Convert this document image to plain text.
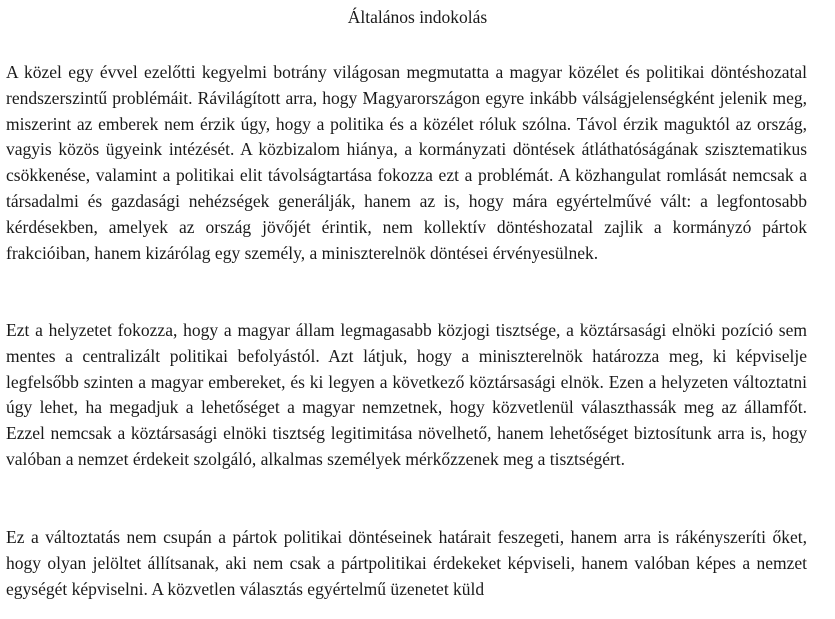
Általános indokolás

A közel egy évvel ezelőtti kegyelmi botrány világosan megmutatta a magyar közélet és politikai döntéshozatal rendszerszintű problémáit. Rávilágított arra, hogy Magyarországon egyre inkább válságjelenségként jelenik meg, miszerint az emberek nem érzik úgy, hogy a politika és a közélet róluk szólna. Távol érzik maguktól az ország, vagyis közös ügyeink intézését. A közbizalom hiánya, a kormányzati döntések átláthatóságának szisztematikus csökkenése, valamint a politikai elit távolságtartása fokozza ezt a problémát. A közhangulat romlását nemcsak a társadalmi és gazdasági nehézségek generálják, hanem az is, hogy mára egyértelművé vált: a legfontosabb kérdésekben, amelyek az ország jövőjét érintik, nem kollektív döntéshozatal zajlik a kormányzó pártok frakcióiban, hanem kizárólag egy személy, a miniszterelnök döntései érvényesülnek.

Ezt a helyzetet fokozza, hogy a magyar állam legmagasabb közjogi tisztsége, a köztársasági elnöki pozíció sem mentes a centralizált politikai befolyástól. Azt látjuk, hogy a miniszterelnök határozza meg, ki képviselje legfelsőbb szinten a magyar embereket, és ki legyen a következő köztársasági elnök. Ezen a helyzeten változtatni úgy lehet, ha megadjuk a lehetőséget a magyar nemzetnek, hogy közvetlenül választhassák meg az államfőt. Ezzel nemcsak a köztársasági elnöki tisztség legitimitása növelhető, hanem lehetőséget biztosítunk arra is, hogy valóban a nemzet érdekeit szolgáló, alkalmas személyek mérkőzzenek meg a tisztségért.

Ez a változtatás nem csupán a pártok politikai döntéseinek határait feszegeti, hanem arra is rákényszeríti őket, hogy olyan jelöltet állítsanak, aki nem csak a pártpolitikai érdekeket képviseli, hanem valóban képes a nemzet egységét képviselni. A közvetlen választás egyértelmű üzenetet küld
